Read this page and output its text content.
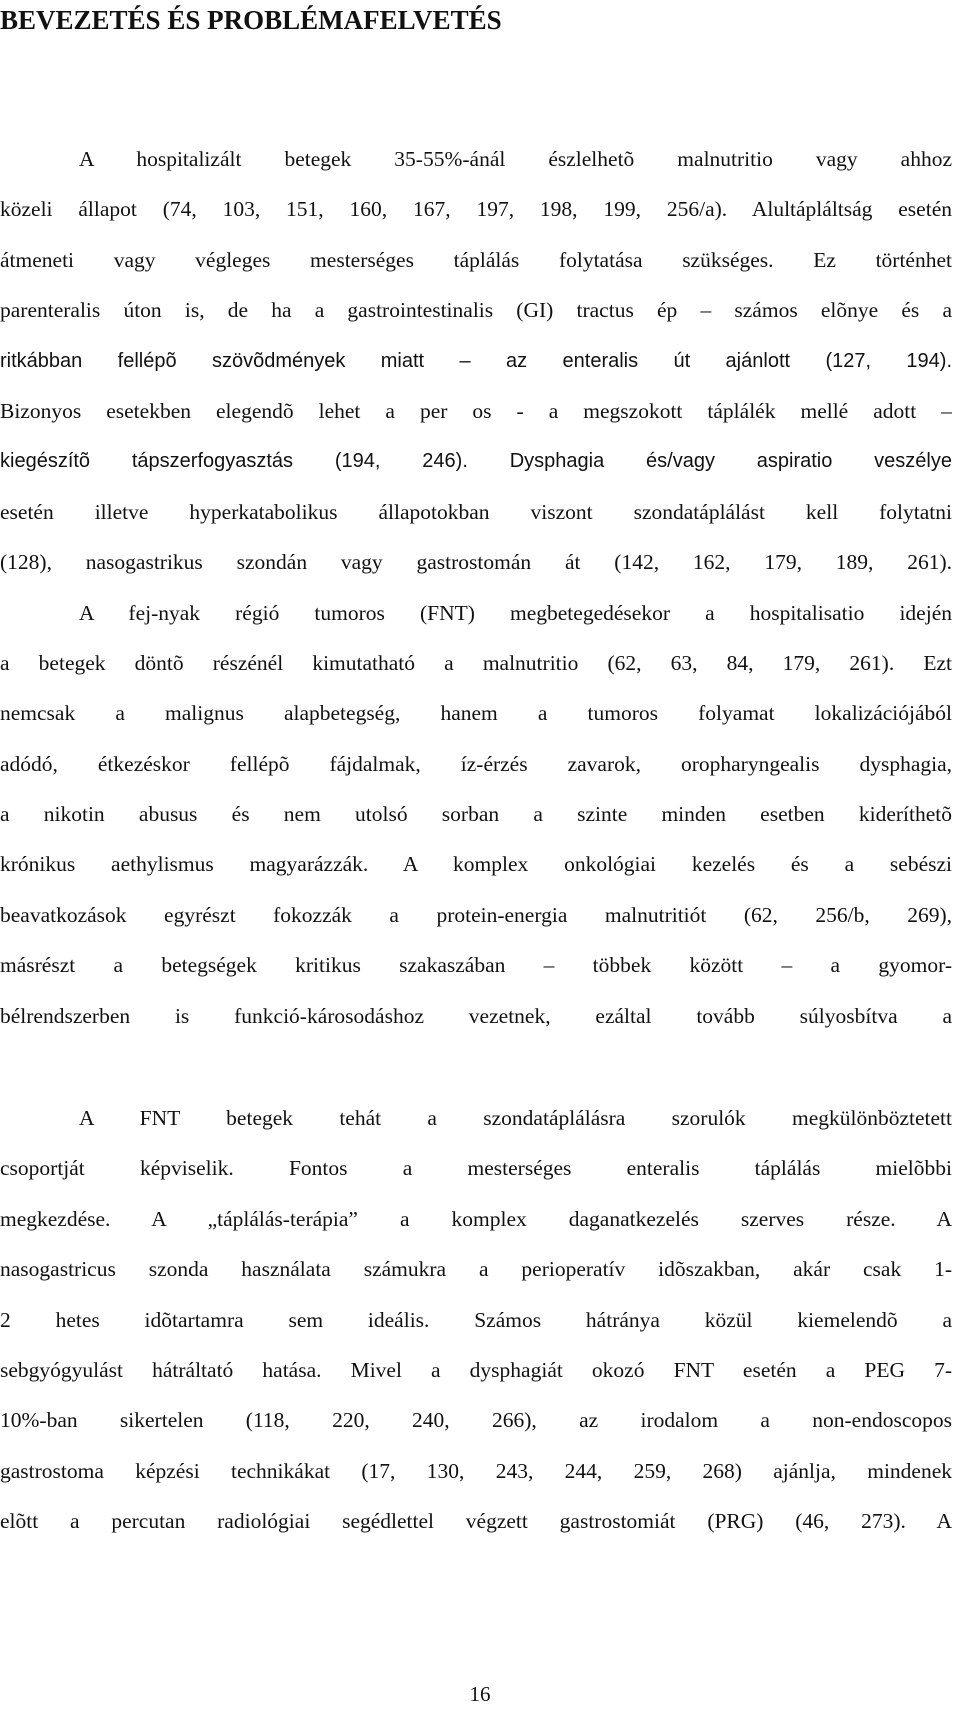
BEVEZETÉS ÉS PROBLÉMAFELVETÉS
A hospitalizált betegek 35-55%-ánál észlelhetõ malnutritio vagy ahhoz
közeli állapot (74, 103, 151, 160, 167, 197, 198, 199, 256/a). Alultápláltság esetén
átmeneti vagy végleges mesterséges táplálás folytatása szükséges. Ez történhet
parenteralis úton is, de ha a gastrointestinalis (GI) tractus ép – számos elõnye és a
ritkábban fellépõ szövõdmények miatt – az enteralis út ajánlott (127, 194).
Bizonyos esetekben elegendõ lehet a per os - a megszokott táplálék mellé adott –
kiegészítõ tápszerfogyasztás (194, 246). Dysphagia és/vagy aspiratio veszélye
esetén illetve hyperkatabolikus állapotokban viszont szondatáplálást kell folytatni
(128), nasogastrikus szondán vagy gastrostomán át (142, 162, 179, 189, 261).
A fej-nyak régió tumoros (FNT) megbetegedésekor a hospitalisatio idején
a betegek döntõ részénél kimutatható a malnutritio (62, 63, 84, 179, 261). Ezt
nemcsak a malignus alapbetegség, hanem a tumoros folyamat lokalizációjából
adódó, étkezéskor fellépõ fájdalmak, íz-érzés zavarok, oropharyngealis dysphagia,
a nikotin abusus és nem utolsó sorban a szinte minden esetben kideríthetõ
krónikus aethylismus magyarázzák. A komplex onkológiai kezelés és a sebészi
beavatkozások egyrészt fokozzák a protein-energia malnutritiót (62, 256/b, 269),
másrészt a betegségek kritikus szakaszában – többek között – a gyomor-
bélrendszerben is funkció-károsodáshoz vezetnek, ezáltal tovább súlyosbítva a
A FNT betegek tehát a szondatáplálásra szorulók megkülönböztetett
csoportját képviselik. Fontos a mesterséges enteralis táplálás mielõbbi
megkezdése. A „táplálás-terápia” a komplex daganatkezelés szerves része. A
nasogastricus szonda használata számukra a perioperatív idõszakban, akár csak 1-
2 hetes idõtartamra sem ideális. Számos hátránya közül kiemelendõ a
sebgyógyulást hátráltató hatása. Mivel a dysphagiát okozó FNT esetén a PEG 7-
10%-ban sikertelen (118, 220, 240, 266), az irodalom a non-endoscopos
gastrostoma képzési technikákat (17, 130, 243, 244, 259, 268) ajánlja, mindenek
elõtt a percutan radiológiai segédlettel végzett gastrostomiát (PRG) (46, 273). A
16
